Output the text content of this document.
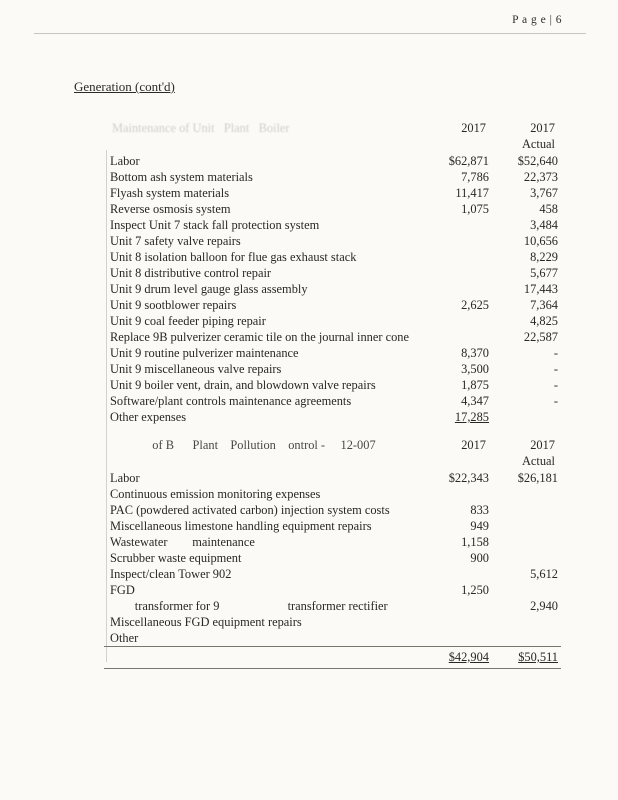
P a g e | 6
Generation (cont'd)
Maintenance of Unit   Plant   Boiler	2017	2017
Actual

Labor	$62,871	$52,640
Bottom ash system materials	7,786	22,373
Flyash system materials	11,417	3,767
Reverse osmosis system	1,075	458
Inspect Unit 7 stack fall protection system		3,484
Unit 7 safety valve repairs		10,656
Unit 8 isolation balloon for flue gas exhaust stack		8,229
Unit 8 distributive control repair		5,677
Unit 9 drum level gauge glass assembly		17,443
Unit 9 sootblower repairs	2,625	7,364
Unit 9 coal feeder piping repair		4,825
Replace 9B pulverizer ceramic tile on the journal inner cone		22,587
Unit 9 routine pulverizer maintenance	8,370	-
Unit 9 miscellaneous valve repairs	3,500	-
Unit 9 boiler vent, drain, and blowdown valve repairs	1,875	-
Software/plant controls maintenance agreements	4,347	-
Other expenses	17,285	
of B      Plant    Pollution    ontrol -     12-007	2017	2017
Actual

Labor	$22,343	$26,181
Continuous emission monitoring expenses		
PAC (powdered activated carbon) injection system costs	833	
Miscellaneous limestone handling equipment repairs	949	
Wastewater        maintenance	1,158	
Scrubber waste equipment	900	
Inspect/clean Tower 902		5,612
FGD	1,250	
transformer for 9                      transformer rectifier		2,940
Miscellaneous FGD equipment repairs		
Other		
	$42,904	$50,511
